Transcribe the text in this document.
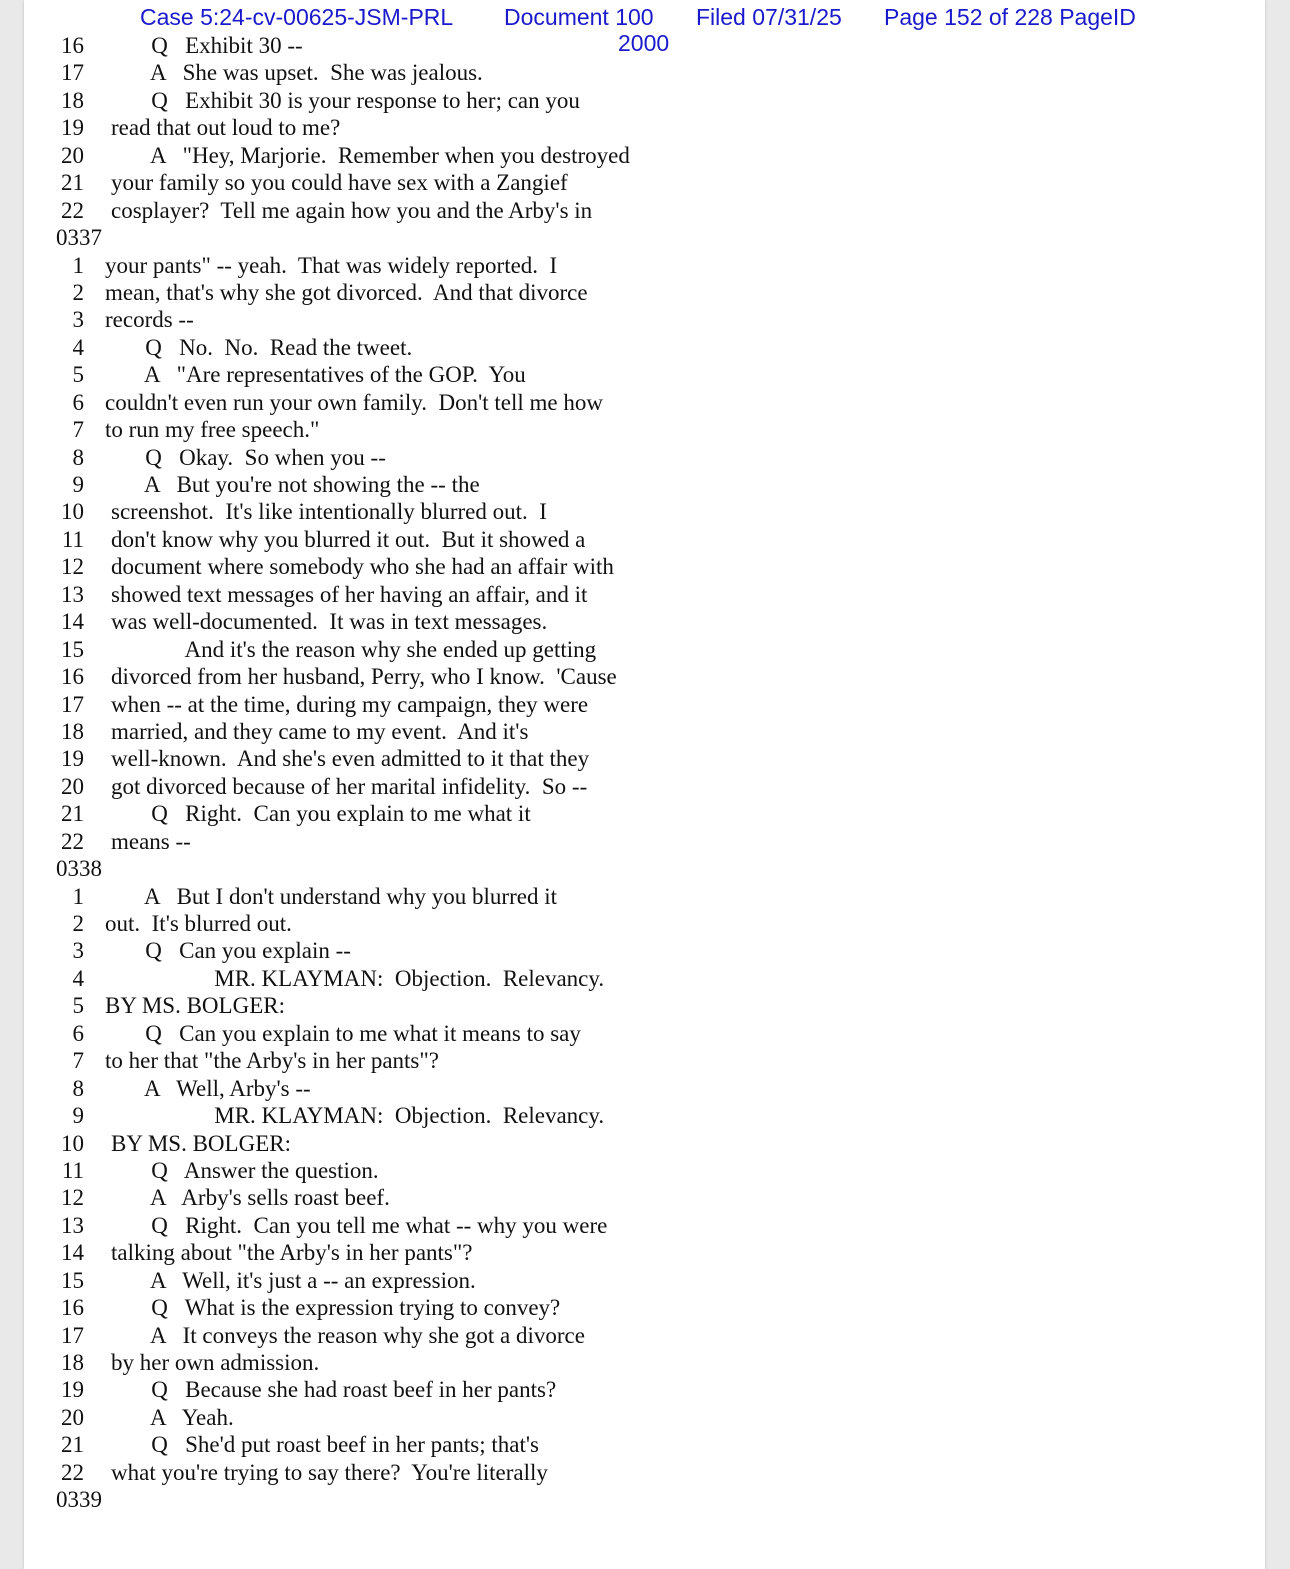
Case 5:24-cv-00625-JSM-PRL Document 100
2000
Filed 07/31/25 Page 152 of 228 PageID
16 Q   Exhibit 30 --
17 A   She was upset.  She was jealous.
18 Q   Exhibit 30 is your response to her; can you
19 read that out loud to me?
20 A   "Hey, Marjorie.  Remember when you destroyed
21 your family so you could have sex with a Zangief
22 cosplayer?  Tell me again how you and the Arby's in
0337
1 your pants" -- yeah.  That was widely reported.  I
2 mean, that's why she got divorced.  And that divorce
3 records --
4 Q   No.  No.  Read the tweet.
5 A   "Are representatives of the GOP.  You
6 couldn't even run your own family.  Don't tell me how
7 to run my free speech."
8 Q   Okay.  So when you --
9 A   But you're not showing the -- the
10 screenshot.  It's like intentionally blurred out.  I
11 don't know why you blurred it out.  But it showed a
12 document where somebody who she had an affair with
13 showed text messages of her having an affair, and it
14 was well-documented.  It was in text messages.
15 And it's the reason why she ended up getting
16 divorced from her husband, Perry, who I know.  'Cause
17 when -- at the time, during my campaign, they were
18 married, and they came to my event.  And it's
19 well-known.  And she's even admitted to it that they
20 got divorced because of her marital infidelity.  So --
21 Q   Right.  Can you explain to me what it
22 means --
0338
1 A   But I don't understand why you blurred it
2 out.  It's blurred out.
3 Q   Can you explain --
4 MR. KLAYMAN:  Objection.  Relevancy.
5 BY MS. BOLGER:
6 Q   Can you explain to me what it means to say
7 to her that "the Arby's in her pants"?
8 A   Well, Arby's --
9 MR. KLAYMAN:  Objection.  Relevancy.
10 BY MS. BOLGER:
11 Q   Answer the question.
12 A   Arby's sells roast beef.
13 Q   Right.  Can you tell me what -- why you were
14 talking about "the Arby's in her pants"?
15 A   Well, it's just a -- an expression.
16 Q   What is the expression trying to convey?
17 A   It conveys the reason why she got a divorce
18 by her own admission.
19 Q   Because she had roast beef in her pants?
20 A   Yeah.
21 Q   She'd put roast beef in her pants; that's
22 what you're trying to say there?  You're literally
0339
